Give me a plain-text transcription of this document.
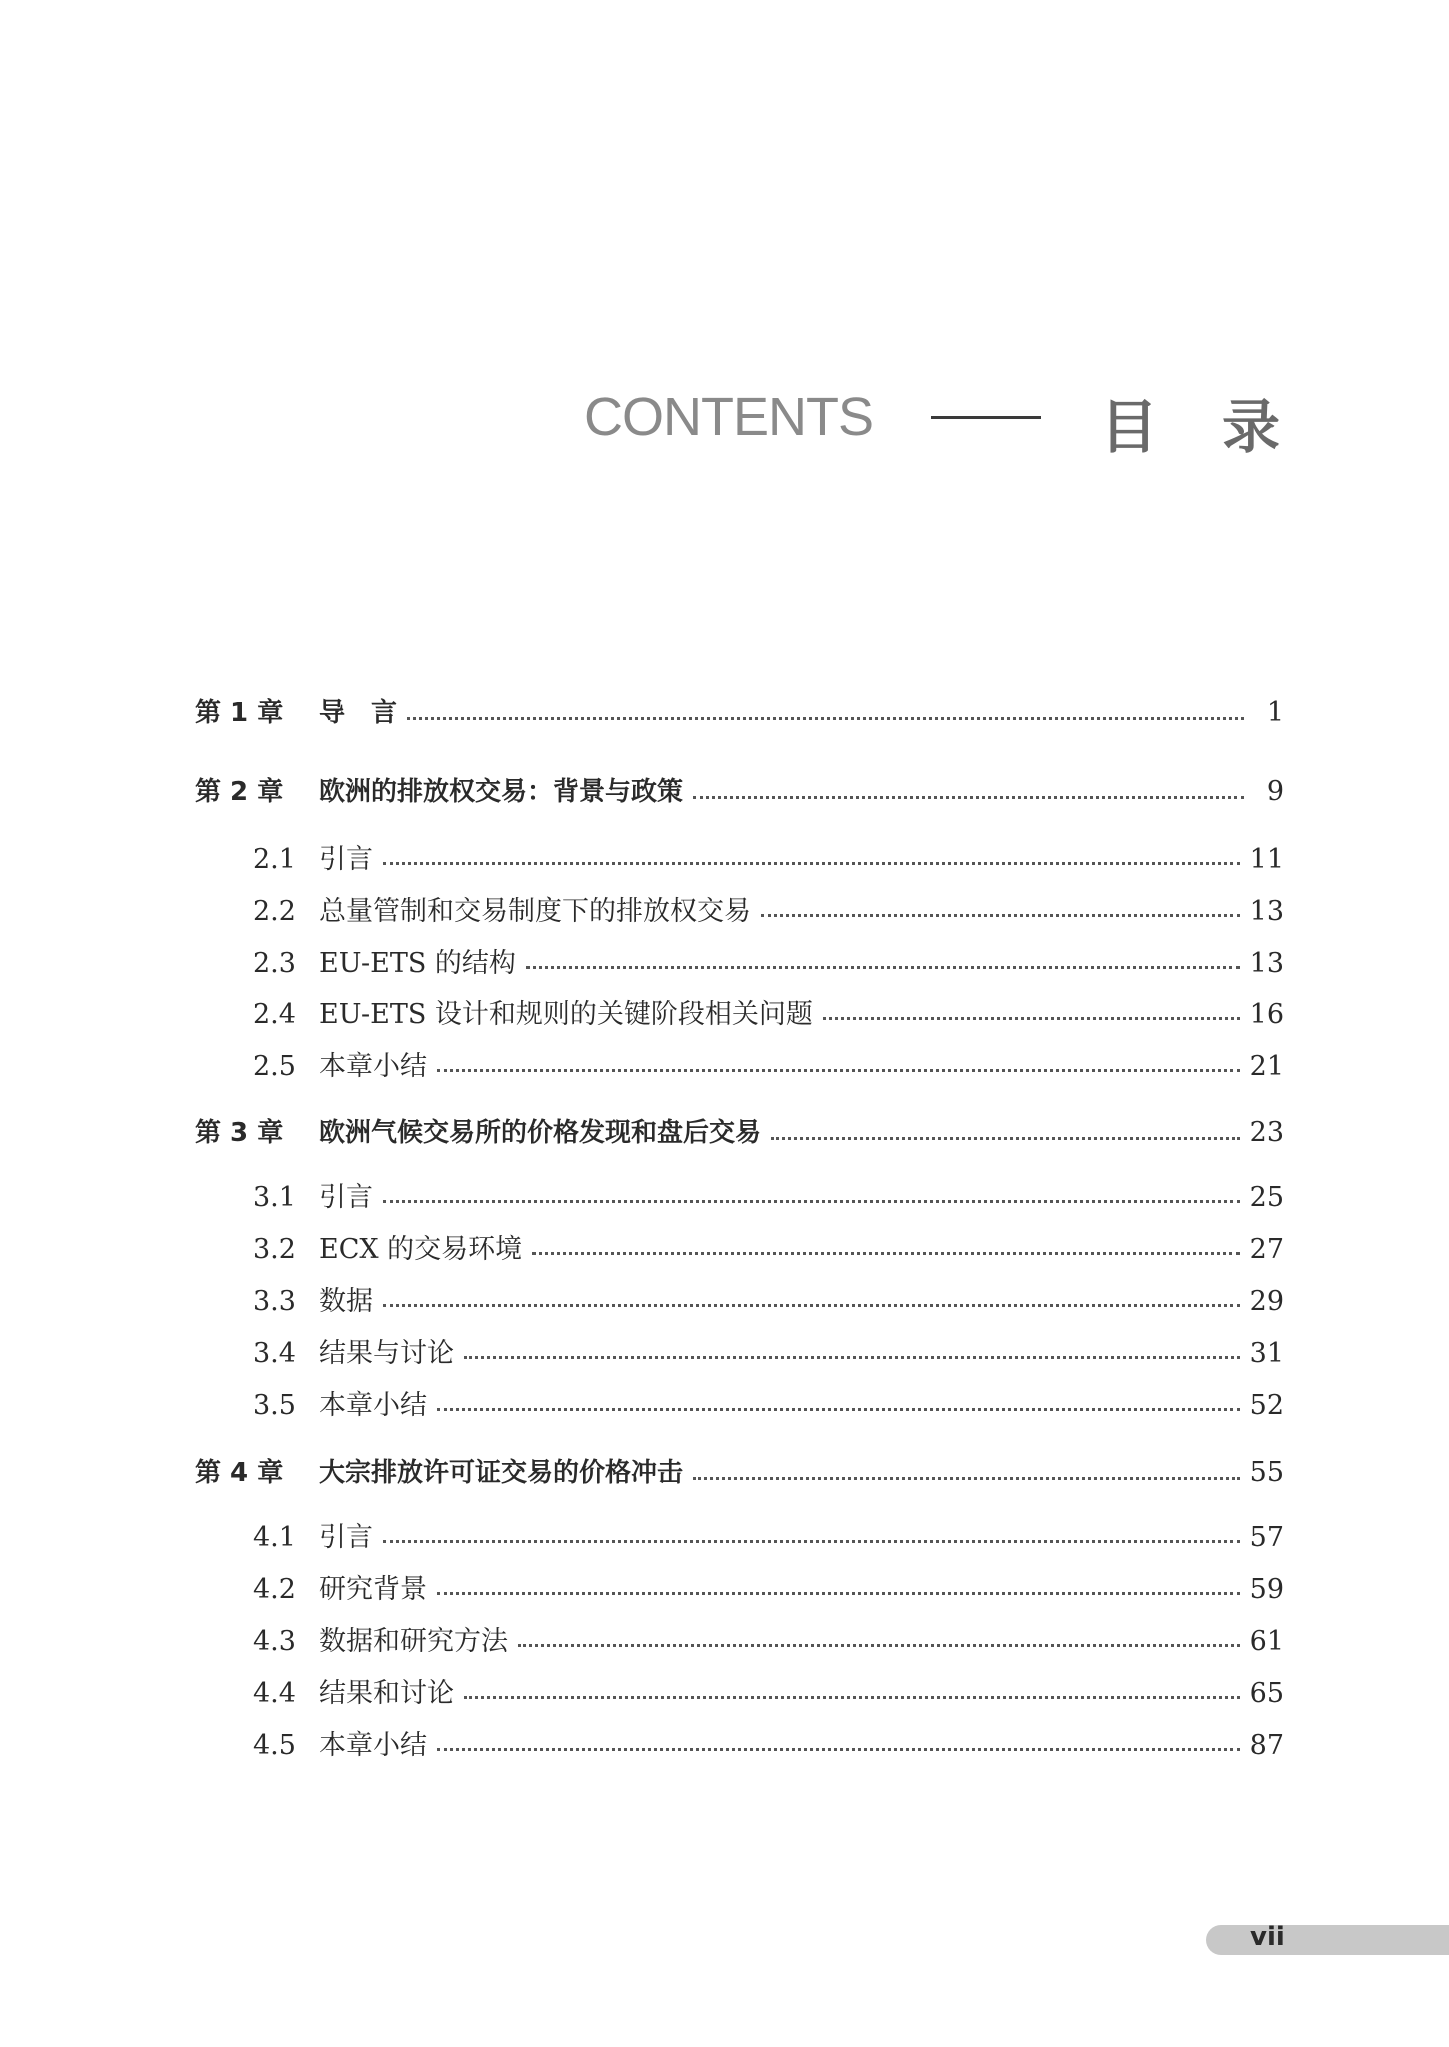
CONTENTS	目录
第 1 章	导　言	1
第 2 章	欧洲的排放权交易：背景与政策	9
2.1 引言	11
2.2 总量管制和交易制度下的排放权交易	13
2.3 EU-ETS 的结构	13
2.4 EU-ETS 设计和规则的关键阶段相关问题	16
2.5 本章小结	21
第 3 章	欧洲气候交易所的价格发现和盘后交易	23
3.1 引言	25
3.2 ECX 的交易环境	27
3.3 数据	29
3.4 结果与讨论	31
3.5 本章小结	52
第 4 章	大宗排放许可证交易的价格冲击	55
4.1 引言	57
4.2 研究背景	59
4.3 数据和研究方法	61
4.4 结果和讨论	65
4.5 本章小结	87
vii
